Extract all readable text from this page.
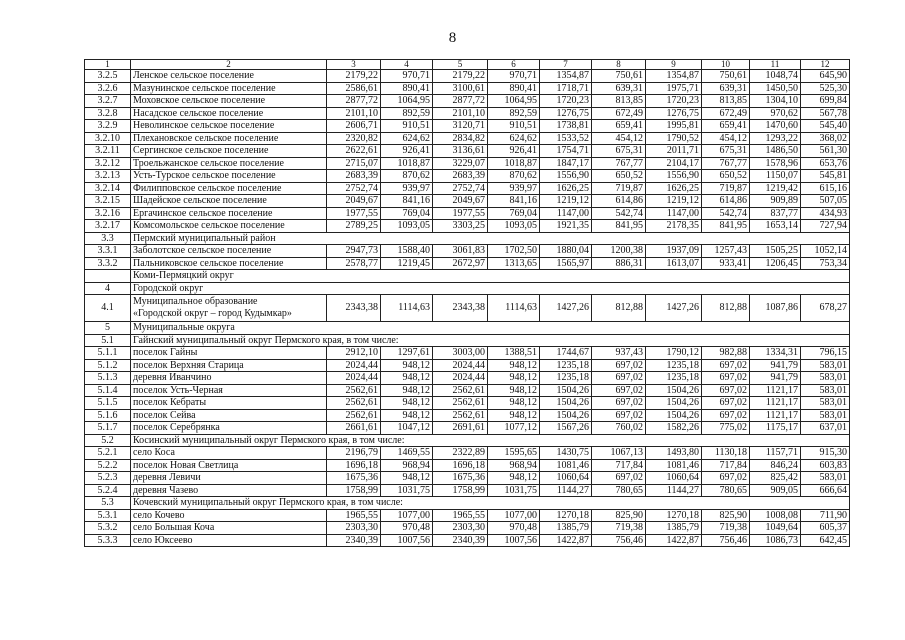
8
1	2	3	4	5	6	7	8	9	10	11	12
3.2.5	Ленское сельское поселение	2179,22	970,71	2179,22	970,71	1354,87	750,61	1354,87	750,61	1048,74	645,90
3.2.6	Мазунинское сельское поселение	2586,61	890,41	3100,61	890,41	1718,71	639,31	1975,71	639,31	1450,50	525,30
3.2.7	Моховское сельское поселение	2877,72	1064,95	2877,72	1064,95	1720,23	813,85	1720,23	813,85	1304,10	699,84
3.2.8	Насадское сельское поселение	2101,10	892,59	2101,10	892,59	1276,75	672,49	1276,75	672,49	970,62	567,78
3.2.9	Неволинское сельское поселение	2606,71	910,51	3120,71	910,51	1738,81	659,41	1995,81	659,41	1470,60	545,40
3.2.10	Плехановское сельское поселение	2320,82	624,62	2834,82	624,62	1533,52	454,12	1790,52	454,12	1293,22	368,02
3.2.11	Сергинское сельское поселение	2622,61	926,41	3136,61	926,41	1754,71	675,31	2011,71	675,31	1486,50	561,30
3.2.12	Троельжанское сельское поселение	2715,07	1018,87	3229,07	1018,87	1847,17	767,77	2104,17	767,77	1578,96	653,76
3.2.13	Усть-Турское сельское поселение	2683,39	870,62	2683,39	870,62	1556,90	650,52	1556,90	650,52	1150,07	545,81
3.2.14	Филипповское сельское поселение	2752,74	939,97	2752,74	939,97	1626,25	719,87	1626,25	719,87	1219,42	615,16
3.2.15	Шадейское сельское поселение	2049,67	841,16	2049,67	841,16	1219,12	614,86	1219,12	614,86	909,89	507,05
3.2.16	Ергачинское сельское поселение	1977,55	769,04	1977,55	769,04	1147,00	542,74	1147,00	542,74	837,77	434,93
3.2.17	Комсомольское сельское поселение	2789,25	1093,05	3303,25	1093,05	1921,35	841,95	2178,35	841,95	1653,14	727,94
3.3	Пермский муниципальный район										
3.3.1	Заболотское сельское поселение	2947,73	1588,40	3061,83	1702,50	1880,04	1200,38	1937,09	1257,43	1505,25	1052,14
3.3.2	Пальниковское сельское поселение	2578,77	1219,45	2672,97	1313,65	1565,97	886,31	1613,07	933,41	1206,45	753,34
	Коми-Пермяцкий округ										
4	Городской округ										
4.1	Муниципальное образование
«Городской округ – город Кудымкар»	2343,38	1114,63	2343,38	1114,63	1427,26	812,88	1427,26	812,88	1087,86	678,27
5	Муниципальные округа										
5.1	Гайнский муниципальный округ Пермского края, в том числе:										
5.1.1	поселок Гайны	2912,10	1297,61	3003,00	1388,51	1744,67	937,43	1790,12	982,88	1334,31	796,15
5.1.2	поселок Верхняя Старица	2024,44	948,12	2024,44	948,12	1235,18	697,02	1235,18	697,02	941,79	583,01
5.1.3	деревня Иванчино	2024,44	948,12	2024,44	948,12	1235,18	697,02	1235,18	697,02	941,79	583,01
5.1.4	поселок Усть-Черная	2562,61	948,12	2562,61	948,12	1504,26	697,02	1504,26	697,02	1121,17	583,01
5.1.5	поселок Кебраты	2562,61	948,12	2562,61	948,12	1504,26	697,02	1504,26	697,02	1121,17	583,01
5.1.6	поселок Сейва	2562,61	948,12	2562,61	948,12	1504,26	697,02	1504,26	697,02	1121,17	583,01
5.1.7	поселок Серебрянка	2661,61	1047,12	2691,61	1077,12	1567,26	760,02	1582,26	775,02	1175,17	637,01
5.2	Косинский муниципальный округ Пермского края, в том числе:										
5.2.1	село Коса	2196,79	1469,55	2322,89	1595,65	1430,75	1067,13	1493,80	1130,18	1157,71	915,30
5.2.2	поселок Новая Светлица	1696,18	968,94	1696,18	968,94	1081,46	717,84	1081,46	717,84	846,24	603,83
5.2.3	деревня Левичи	1675,36	948,12	1675,36	948,12	1060,64	697,02	1060,64	697,02	825,42	583,01
5.2.4	деревня Чазево	1758,99	1031,75	1758,99	1031,75	1144,27	780,65	1144,27	780,65	909,05	666,64
5.3	Кочевский муниципальный округ Пермского края, в том числе:										
5.3.1	село Кочево	1965,55	1077,00	1965,55	1077,00	1270,18	825,90	1270,18	825,90	1008,08	711,90
5.3.2	село Большая Коча	2303,30	970,48	2303,30	970,48	1385,79	719,38	1385,79	719,38	1049,64	605,37
5.3.3	село Юксеево	2340,39	1007,56	2340,39	1007,56	1422,87	756,46	1422,87	756,46	1086,73	642,45
